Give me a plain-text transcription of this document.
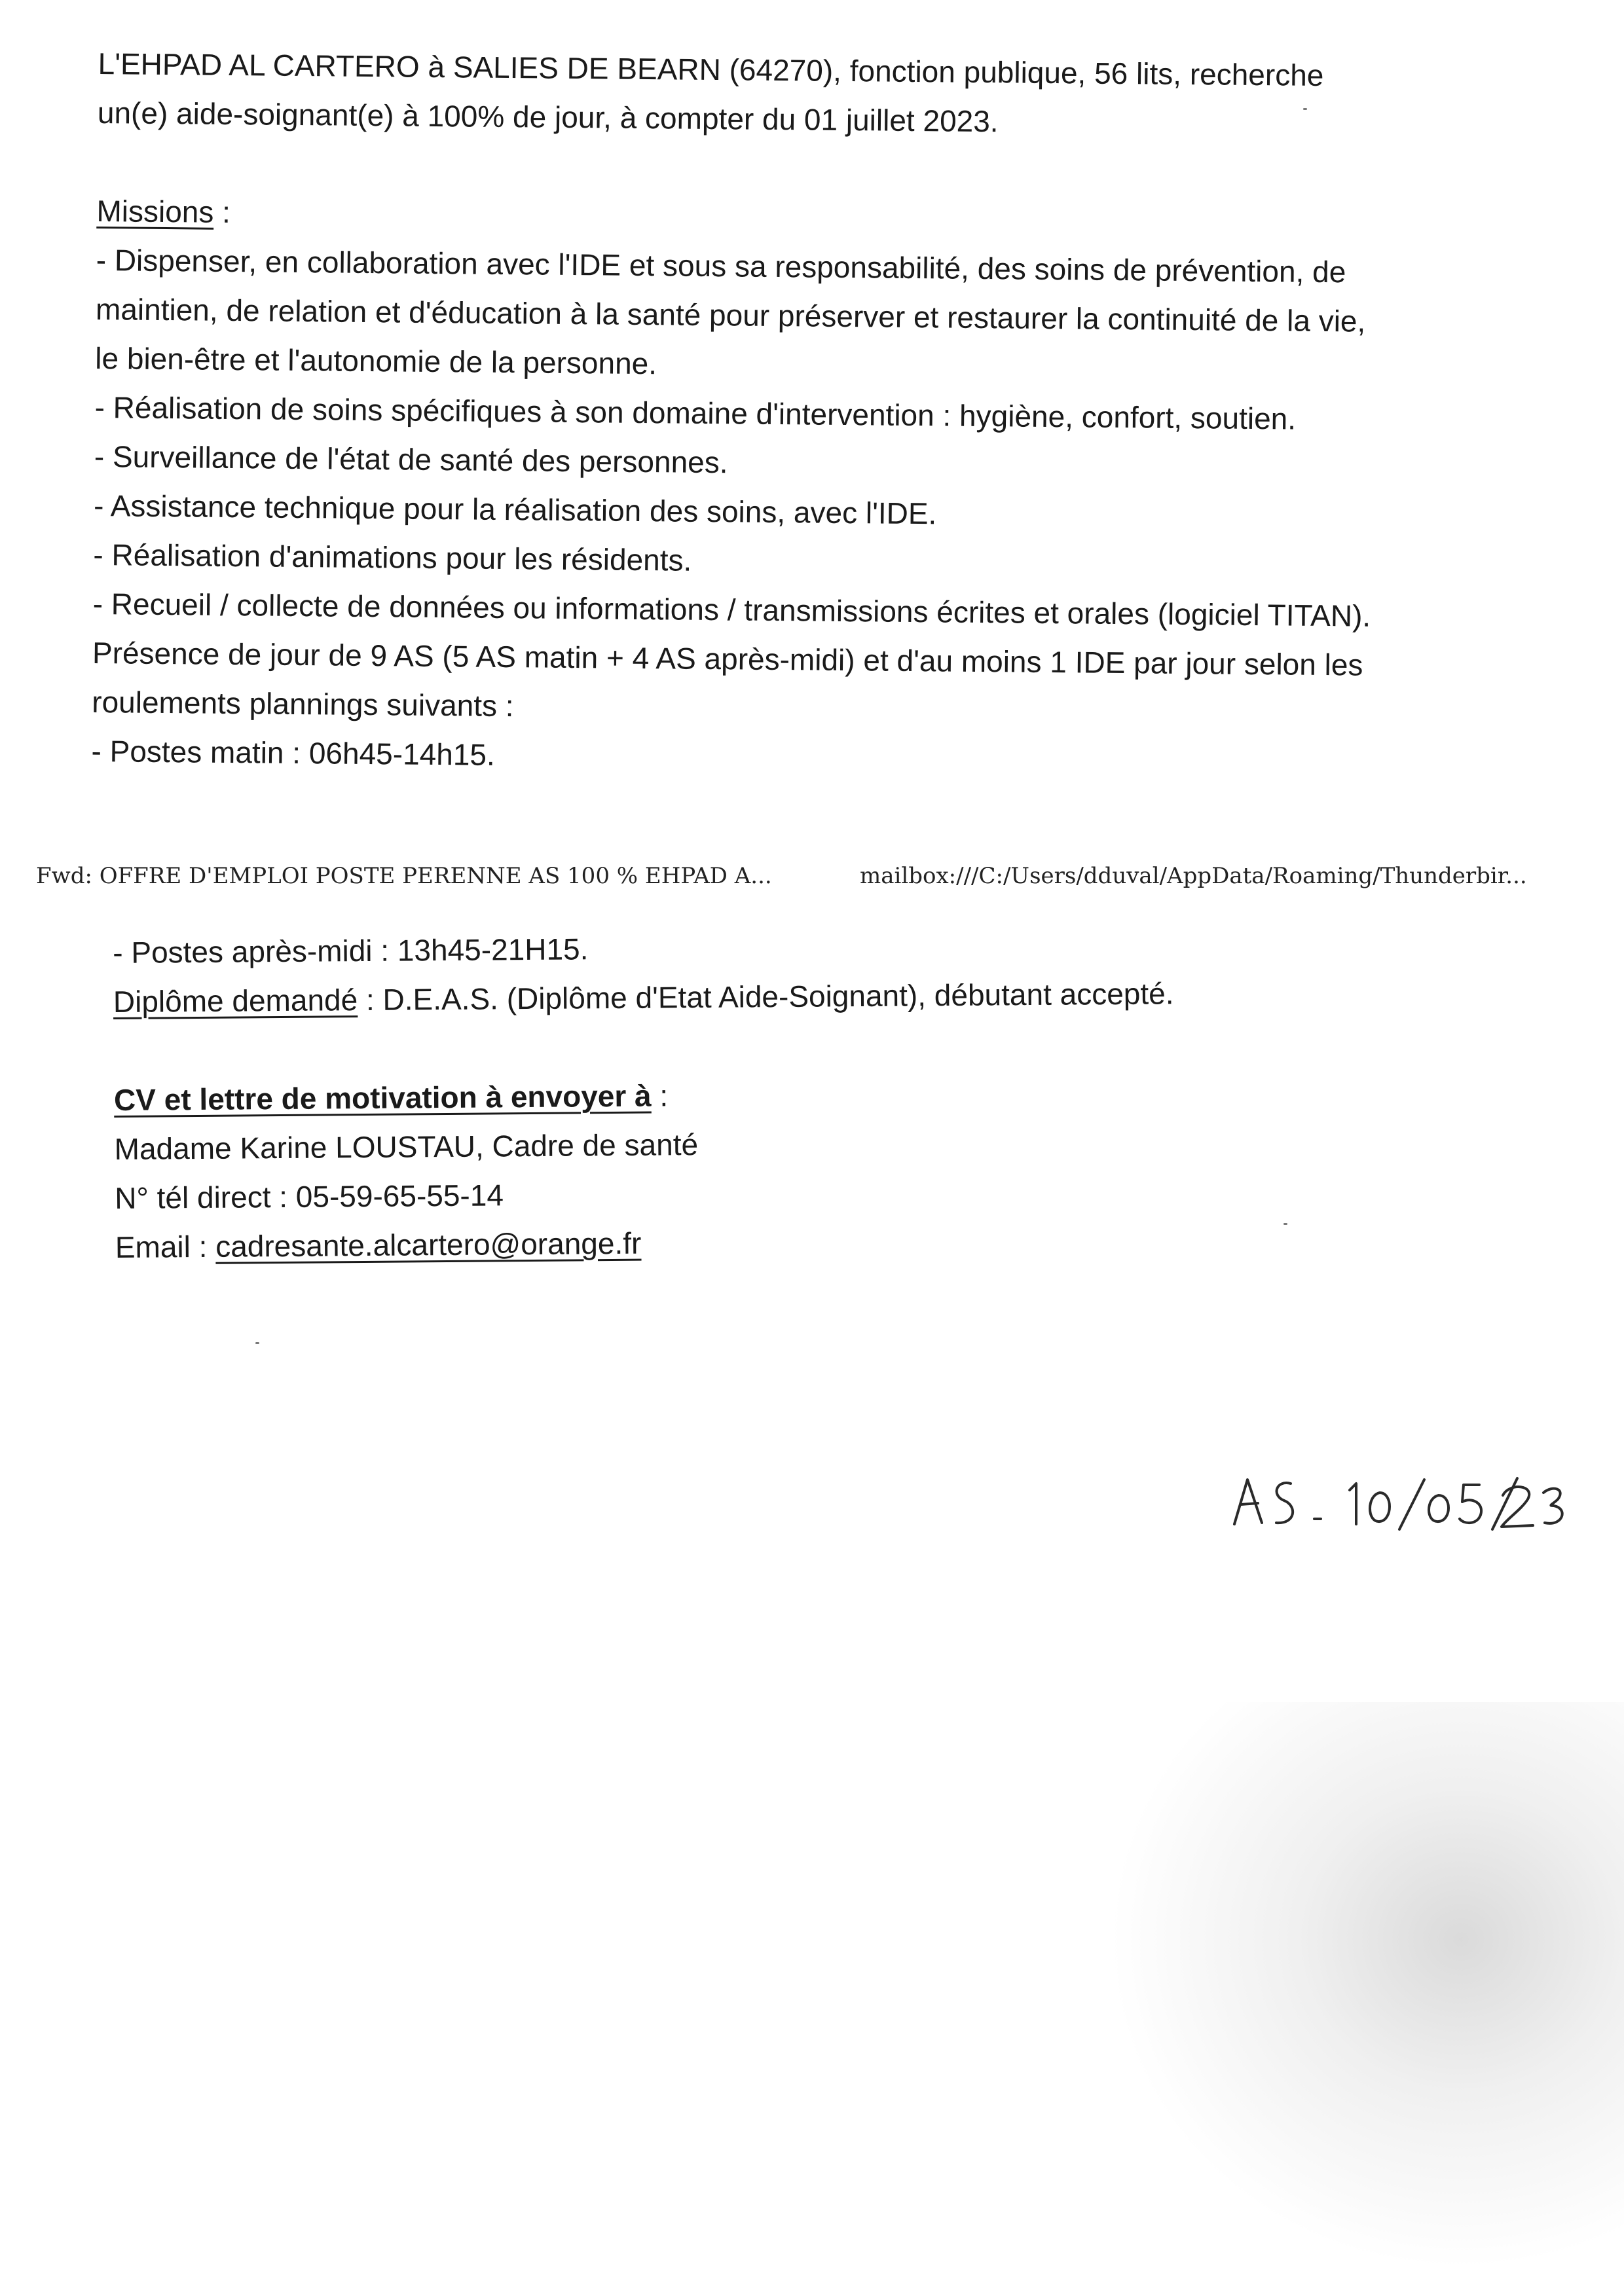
L'EHPAD AL CARTERO à SALIES DE BEARN (64270), fonction publique, 56 lits, recherche

un(e) aide-soignant(e) à 100% de jour, à compter du 01 juillet 2023.

Missions :

- Dispenser, en collaboration avec l'IDE et sous sa responsabilité, des soins de prévention, de

maintien, de relation et d'éducation à la santé pour préserver et restaurer la continuité de la vie,

le bien-être et l'autonomie de la personne.

- Réalisation de soins spécifiques à son domaine d'intervention : hygiène, confort, soutien.

- Surveillance de l'état de santé des personnes.

- Assistance technique pour la réalisation des soins, avec l'IDE.

- Réalisation d'animations pour les résidents.

- Recueil / collecte de données ou informations / transmissions écrites et orales (logiciel TITAN).

Présence de jour de 9 AS (5 AS matin + 4 AS après-midi) et d'au moins 1 IDE par jour selon les

roulements plannings suivants :

- Postes matin : 06h45-14h15.

Fwd: OFFRE D'EMPLOI POSTE PERENNE AS 100 % EHPAD A...	mailbox:///C:/Users/dduval/AppData/Roaming/Thunderbir...

- Postes après-midi : 13h45-21H15.

Diplôme demandé : D.E.A.S. (Diplôme d'Etat Aide-Soignant), débutant accepté.

CV et lettre de motivation à envoyer à :

Madame Karine LOUSTAU, Cadre de santé

N° tél direct : 05-59-65-55-14

Email : cadresante.alcartero@orange.fr
